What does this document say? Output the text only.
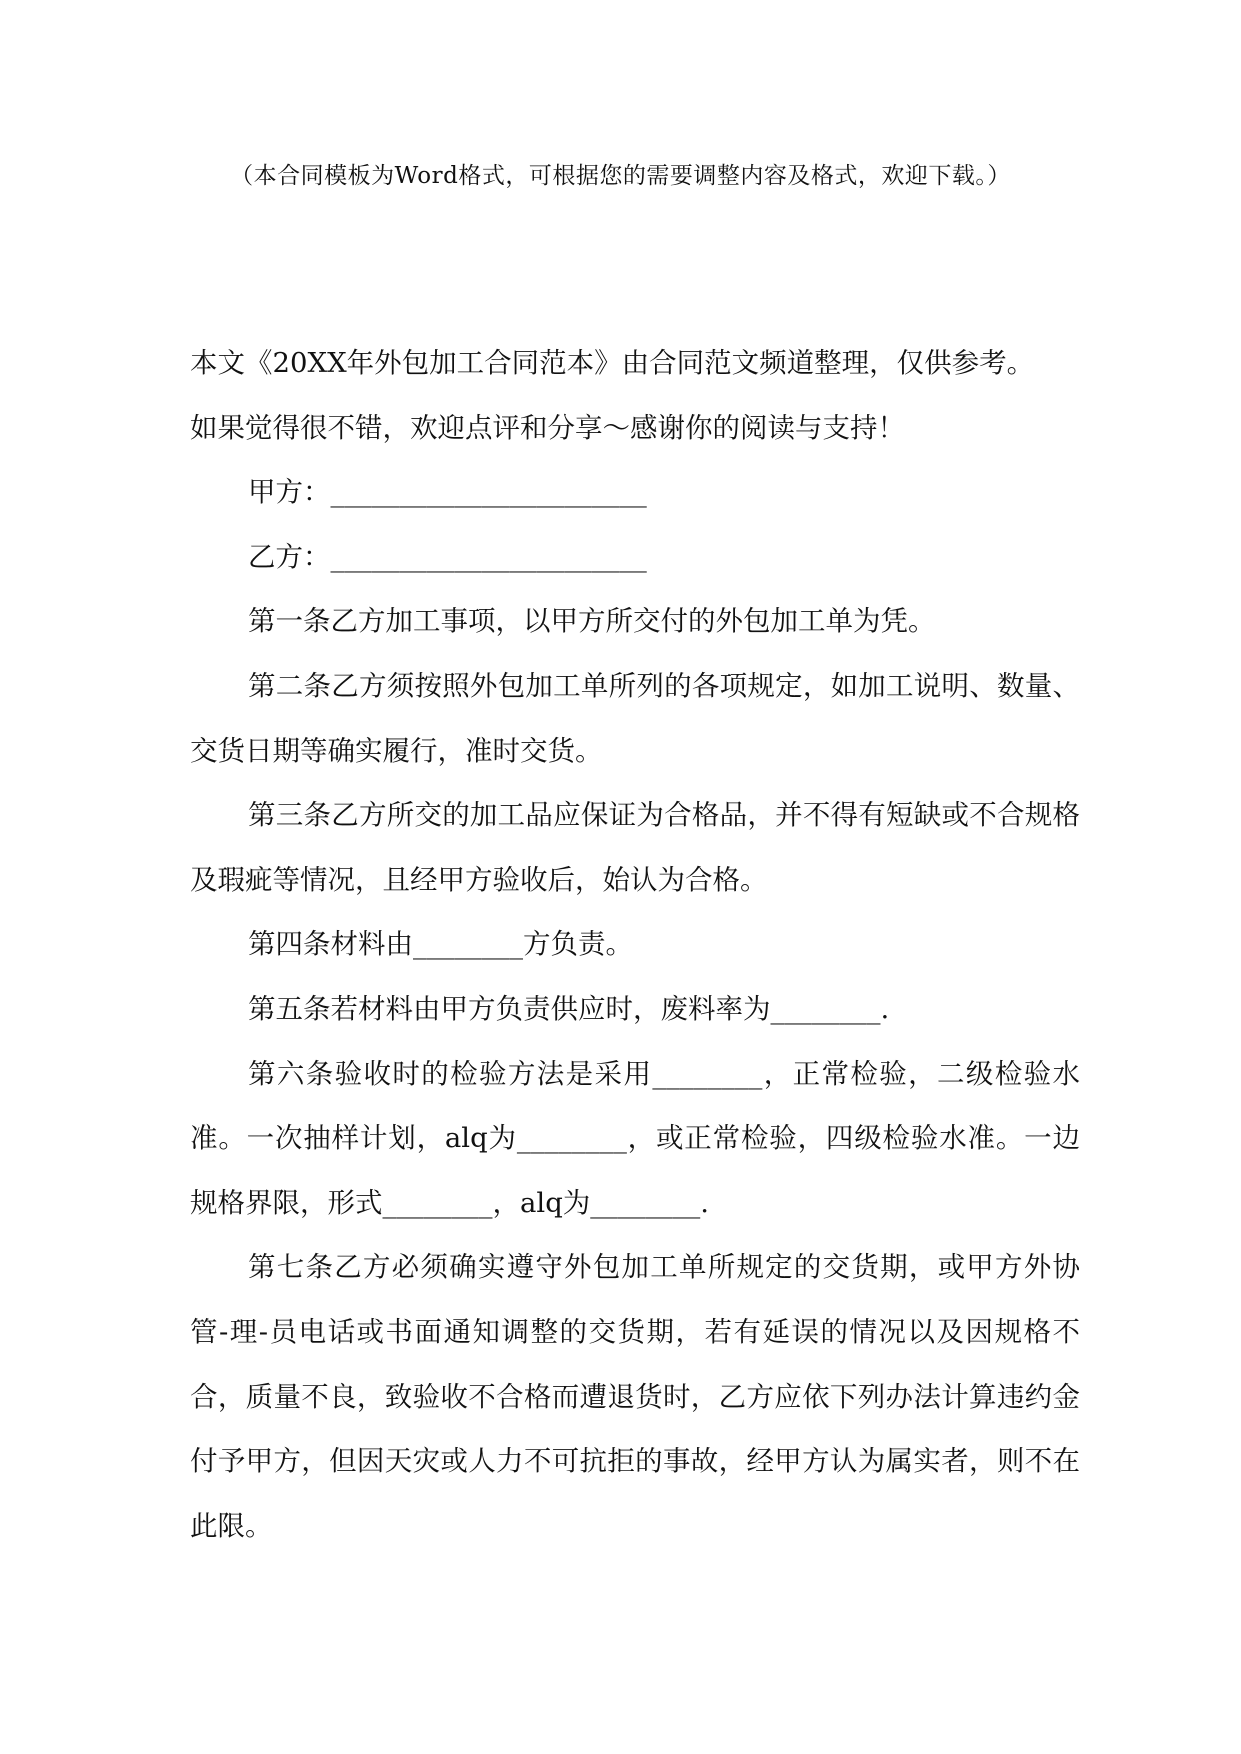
（本合同模板为Word格式，可根据您的需要调整内容及格式，欢迎下载。）

本文《20XX年外包加工合同范本》由合同范文频道整理，仅供参考。

如果觉得很不错，欢迎点评和分享～感谢你的阅读与支持！

甲方：_______________________

乙方：_______________________

第一条乙方加工事项，以甲方所交付的外包加工单为凭。

第二条乙方须按照外包加工单所列的各项规定，如加工说明、数量、交货日期等确实履行，准时交货。

第三条乙方所交的加工品应保证为合格品，并不得有短缺或不合规格及瑕疵等情况，且经甲方验收后，始认为合格。

第四条材料由________方负责。

第五条若材料由甲方负责供应时，废料率为________.

第六条验收时的检验方法是采用________，正常检验，二级检验水准。一次抽样计划，alq为________，或正常检验，四级检验水准。一边规格界限，形式________，alq为________.

第七条乙方必须确实遵守外包加工单所规定的交货期，或甲方外协管-理-员电话或书面通知调整的交货期，若有延误的情况以及因规格不合，质量不良，致验收不合格而遭退货时，乙方应依下列办法计算违约金付予甲方，但因天灾或人力不可抗拒的事故，经甲方认为属实者，则不在此限。
